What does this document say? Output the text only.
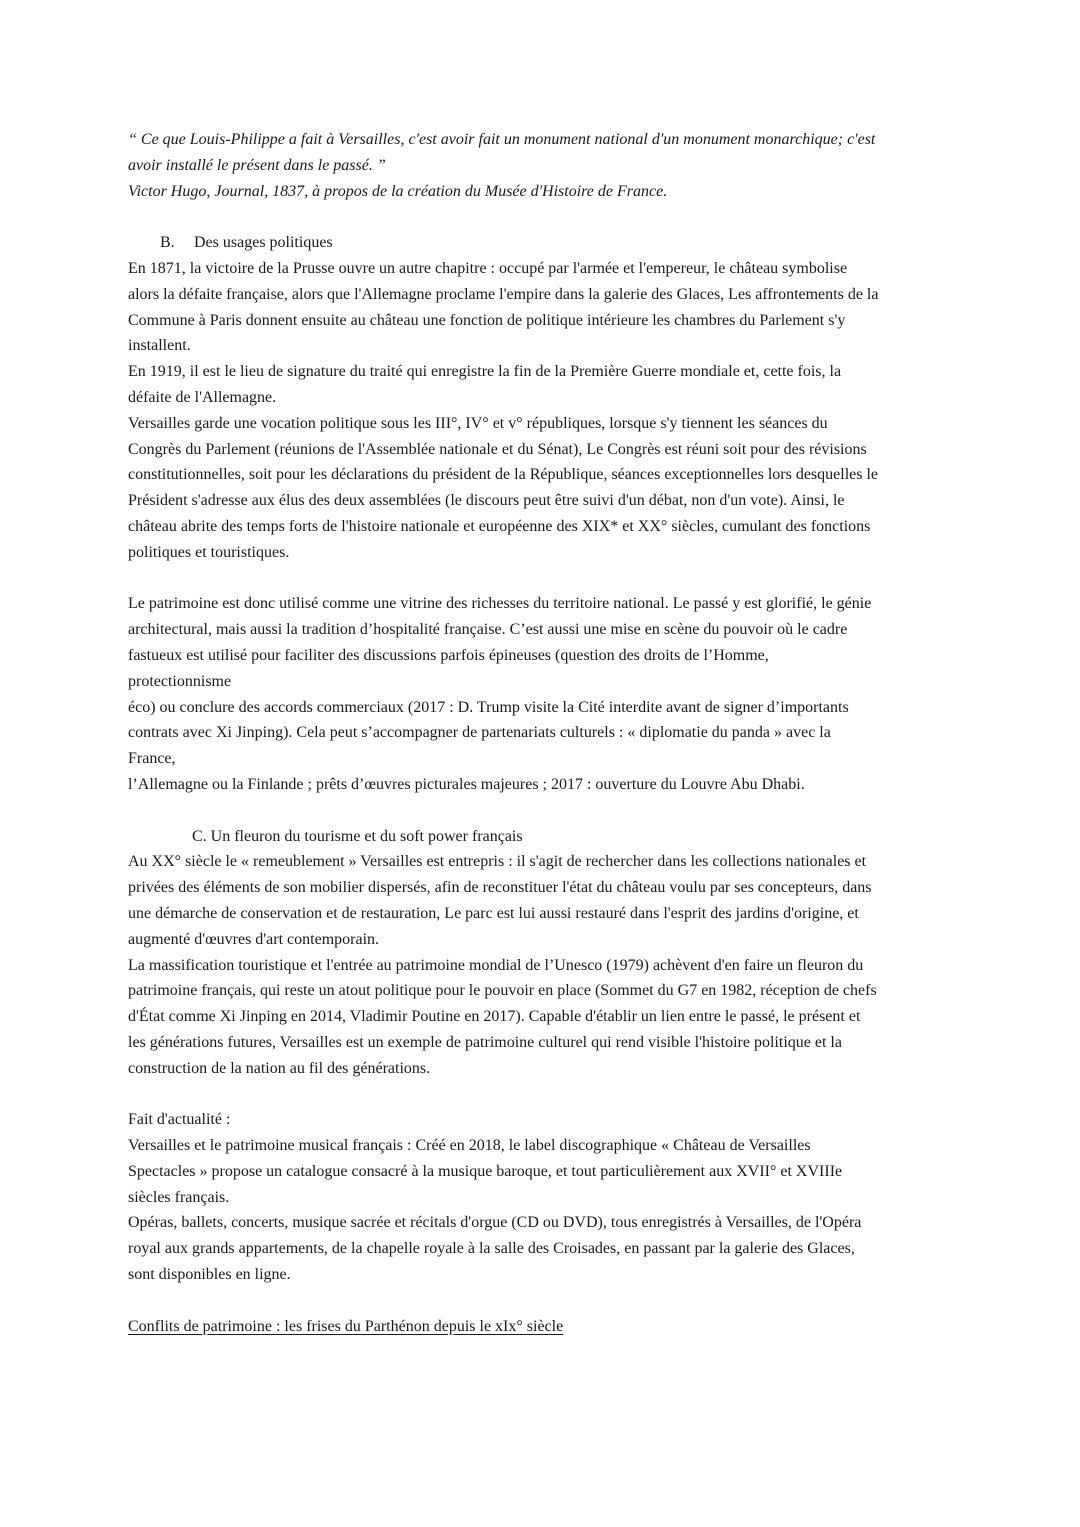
“ Ce que Louis-Philippe a fait à Versailles, c'est avoir fait un monument national d'un monument monarchique; c'est
avoir installé le présent dans le passé. ”
Victor Hugo, Journal, 1837, à propos de la création du Musée d'Histoire de France.
B. Des usages politiques
En 1871, la victoire de la Prusse ouvre un autre chapitre : occupé par l'armée et l'empereur, le château symbolise
alors la défaite française, alors que l'Allemagne proclame l'empire dans la galerie des Glaces, Les affrontements de la
Commune à Paris donnent ensuite au château une fonction de politique intérieure les chambres du Parlement s'y
installent.
En 1919, il est le lieu de signature du traité qui enregistre la fin de la Première Guerre mondiale et, cette fois, la
défaite de l'Allemagne.
Versailles garde une vocation politique sous les III°, IV° et v° républiques, lorsque s'y tiennent les séances du
Congrès du Parlement (réunions de l'Assemblée nationale et du Sénat), Le Congrès est réuni soit pour des révisions
constitutionnelles, soit pour les déclarations du président de la République, séances exceptionnelles lors desquelles le
Président s'adresse aux élus des deux assemblées (le discours peut être suivi d'un débat, non d'un vote). Ainsi, le
château abrite des temps forts de l'histoire nationale et européenne des XIX* et XX° siècles, cumulant des fonctions
politiques et touristiques.
Le patrimoine est donc utilisé comme une vitrine des richesses du territoire national. Le passé y est glorifié, le génie
architectural, mais aussi la tradition d’hospitalité française. C’est aussi une mise en scène du pouvoir où le cadre
fastueux est utilisé pour faciliter des discussions parfois épineuses (question des droits de l’Homme,
protectionnisme
éco) ou conclure des accords commerciaux (2017 : D. Trump visite la Cité interdite avant de signer d’importants
contrats avec Xi Jinping). Cela peut s’accompagner de partenariats culturels : « diplomatie du panda » avec la
France,
l’Allemagne ou la Finlande ; prêts d’œuvres picturales majeures ; 2017 : ouverture du Louvre Abu Dhabi.
C. Un fleuron du tourisme et du soft power français
Au XX° siècle le « remeublement » Versailles est entrepris : il s'agit de rechercher dans les collections nationales et
privées des éléments de son mobilier dispersés, afin de reconstituer l'état du château voulu par ses concepteurs, dans
une démarche de conservation et de restauration, Le parc est lui aussi restauré dans l'esprit des jardins d'origine, et
augmenté d'œuvres d'art contemporain.
La massification touristique et l'entrée au patrimoine mondial de l’Unesco (1979) achèvent d'en faire un fleuron du
patrimoine français, qui reste un atout politique pour le pouvoir en place (Sommet du G7 en 1982, réception de chefs
d'État comme Xi Jinping en 2014, Vladimir Poutine en 2017). Capable d'établir un lien entre le passé, le présent et
les générations futures, Versailles est un exemple de patrimoine culturel qui rend visible l'histoire politique et la
construction de la nation au fil des générations.
Fait d'actualité :
Versailles et le patrimoine musical français : Créé en 2018, le label discographique « Château de Versailles
Spectacles » propose un catalogue consacré à la musique baroque, et tout particulièrement aux XVII° et XVIIIe
siècles français.
Opéras, ballets, concerts, musique sacrée et récitals d'orgue (CD ou DVD), tous enregistrés à Versailles, de l'Opéra
royal aux grands appartements, de la chapelle royale à la salle des Croisades, en passant par la galerie des Glaces,
sont disponibles en ligne.
Conflits de patrimoine : les frises du Parthénon depuis le xIx° siècle
